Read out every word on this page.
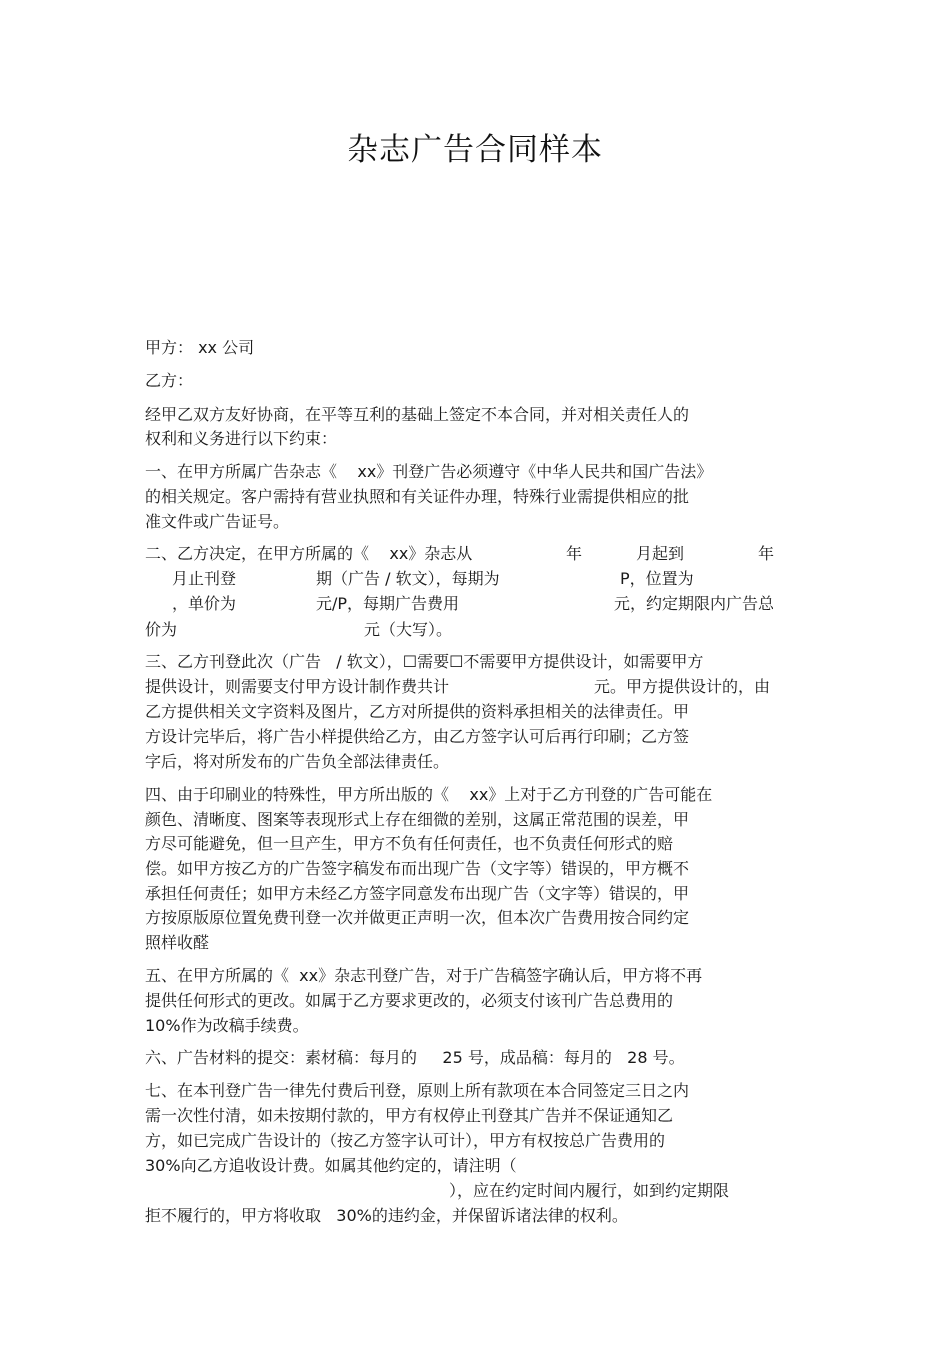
杂志广告合同样本
甲方： xx 公司
乙方：
经甲乙双方友好协商，在平等互利的基础上签定不本合同，并对相关责任人的
权利和义务进行以下约束：
一、在甲方所属广告杂志《    xx》刊登广告必须遵守《中华人民共和国广告法》
的相关规定。客户需持有营业执照和有关证件办理，特殊行业需提供相应的批
准文件或广告证号。
二、乙方决定，在甲方所属的《    xx》杂志从	年	月起到	年
月止刊登	期（广告 / 软文），每期为	P，位置为
，单价为	元/P，每期广告费用	元，约定期限内广告总
价为	元（大写）。
三、乙方刊登此次（广告   / 软文），☐需要☐不需要甲方提供设计，如需要甲方
提供设计，则需要支付甲方设计制作费共计	元。甲方提供设计的，由
乙方提供相关文字资料及图片，乙方对所提供的资料承担相关的法律责任。甲
方设计完毕后，将广告小样提供给乙方，由乙方签字认可后再行印刷；乙方签
字后，将对所发布的广告负全部法律责任。
四、由于印刷业的特殊性，甲方所出版的《    xx》上对于乙方刊登的广告可能在
颜色、清晰度、图案等表现形式上存在细微的差别，这属正常范围的误差，甲
方尽可能避免，但一旦产生，甲方不负有任何责任，也不负责任何形式的赔
偿。如甲方按乙方的广告签字稿发布而出现广告（文字等）错误的，甲方概不
承担任何责任；如甲方未经乙方签字同意发布出现广告（文字等）错误的，甲
方按原版原位置免费刊登一次并做更正声明一次，但本次广告费用按合同约定
照样收醛
五、在甲方所属的《  xx》杂志刊登广告，对于广告稿签字确认后，甲方将不再
提供任何形式的更改。如属于乙方要求更改的，必须支付该刊广告总费用的
10%作为改稿手续费。
六、广告材料的提交：素材稿：每月的     25 号，成品稿：每月的   28 号。
七、在本刊登广告一律先付费后刊登，原则上所有款项在本合同签定三日之内
需一次性付清，如未按期付款的，甲方有权停止刊登其广告并不保证通知乙
方，如已完成广告设计的（按乙方签字认可计），甲方有权按总广告费用的
30%向乙方追收设计费。如属其他约定的，请注明（
），应在约定时间内履行，如到约定期限
拒不履行的，甲方将收取   30%的违约金，并保留诉诸法律的权利。
